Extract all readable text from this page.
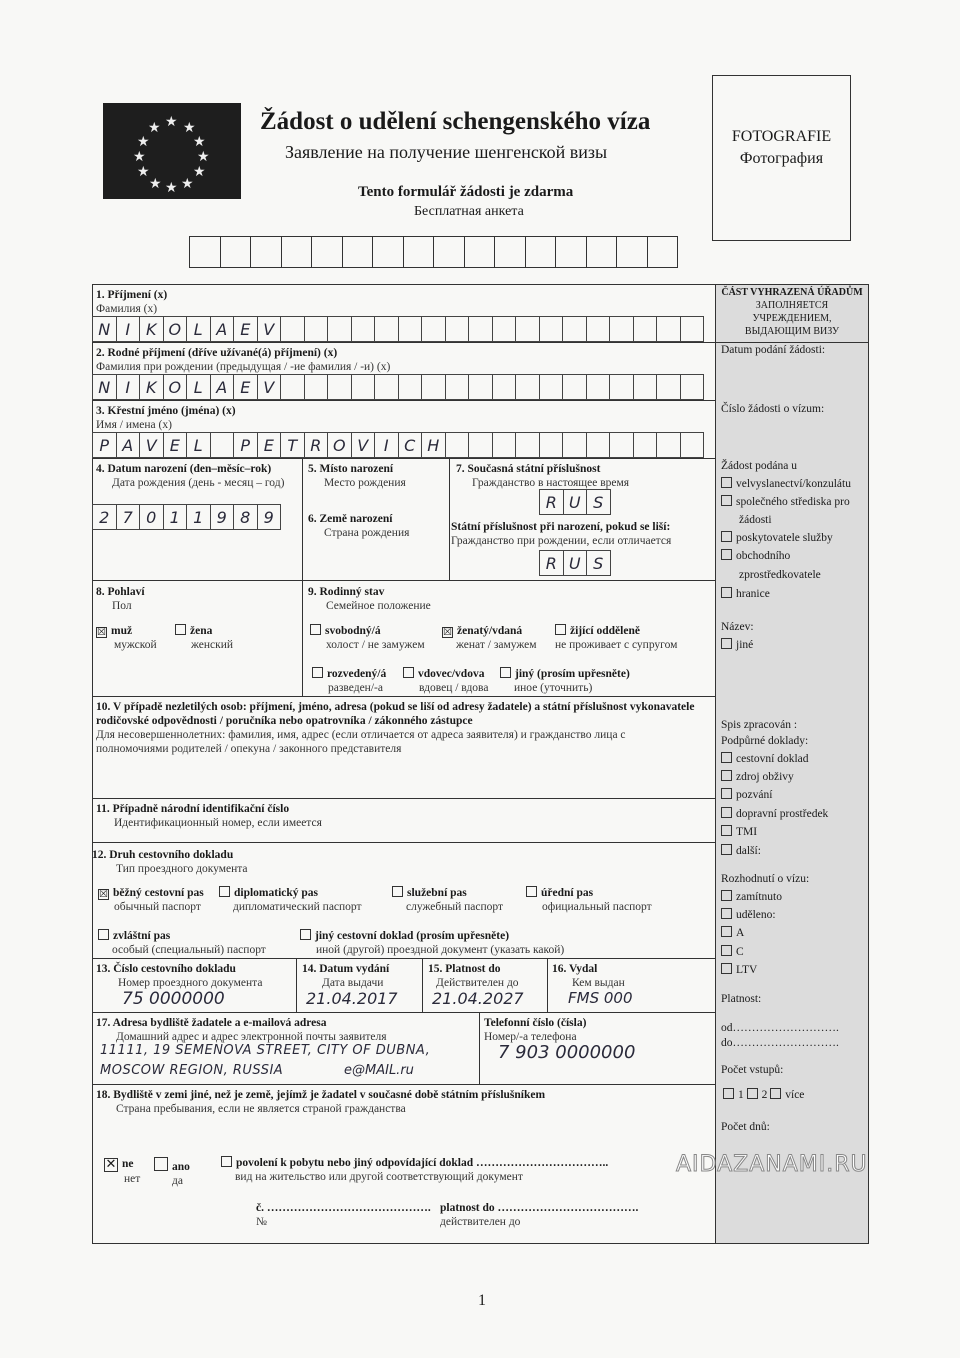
★ ★
★
★
★
★
★
★
★
★
★
★	Žádost o udělení schengenského víza
Заявление на получение шенгенской визы
Tento formulář žádosti je zdarma
Бесплатная анкета
FOTOGRAFIE
Фотография
1. Příjmení (x)
Фамилия (x)
N I K O L A E V
2. Rodné příjmení (dříve užívané(á) příjmení) (x)
Фамилия при рождении (предыдущая / -ие фамилия / -и) (x)
N I K O L A E V
3. Křestní jméno (jména) (x)
Имя / имена (x)
P A V E L	P E T R O V I C H
4. Datum narození (den–měsíc–rok)
Дата рождения (день - месяц – год)
2 7 0 1 1 9 8 9
5. Místo narození
Место рождения
6. Země narození
Страна рождения
7. Současná státní příslušnost
Гражданство в настоящее время
R U S
Státní příslušnost při narození, pokud se liší:
Гражданство при рождении, если отличается
R U S
8. Pohlaví
Пол
☒ muž
мужской
žena
женский
9. Rodinný stav
Семейное положение
svobodný/á
холост / не замужем
☒ ženatý/vdaná
женат / замужем
žijící odděleně
не проживает с супругом
rozvedený/á
разведен/-а
vdovec/vdova
вдовец / вдова
jiný (prosím upřesněte)
иное (уточнить)
10. V případě nezletilých osob: příjmení, jméno, adresa (pokud se liší od adresy žadatele) a státní příslušnost vykonavatele rodičovské odpovědnosti / poručníka nebo opatrovníka / zákonného zástupce
Для несовершеннолетних: фамилия, имя, адрес (если отличается от адреса заявителя) и гражданство лица с полномочиями родителей / опекуна / законного представителя
11. Případně národní identifikační číslo
Идентификационный номер, если имеется
12. Druh cestovního dokladu
Тип проездного документа
☒ běžný cestovní pas
обычный паспорт
diplomatický pas
дипломатический паспорт
služební pas
служебный паспорт
úřední pas
официальный паспорт
zvláštní pas
особый (специальный) паспорт
jiný cestovní doklad (prosím upřesněte)
иной (другой) проездной документ (указать какой)
13. Číslo cestovního dokladu
Номер проездного документа
75 0000000
14. Datum vydání
Дата выдачи
21.04.2017
15. Platnost do
Действителен до
21.04.2027
16. Vydal
Кем выдан
FMS 000
17. Adresa bydliště žadatele a e-mailová adresa
Домашний адрес и адрес электронной почты заявителя
11111, 19 SEMENOVA STREET, CITY OF DUBNA,
MOSCOW REGION, RUSSIA	e@MAIL.ru
Telefonní číslo (čísla)
Номер/-а телефона
7 903 0000000
18. Bydliště v zemi jiné, než je země, jejímž je žadatel v současné době státním příslušníkem
Страна пребывания, если не является страной гражданства
✕ ne
нет
ano
да
povolení k pobytu nebo jiný odpovídající doklad ……………………………..
вид на жительство или другой соответствующий документ
č. …………………………………….
№
platnost do ……………………………….
действителен до
ČÁST VYHRAZENÁ ÚŘADŮM
ЗАПОЛНЯЕТСЯ
УЧРЕЖДЕНИЕМ,
ВЫДАЮЩИМ ВИЗУ
Datum podání žádosti:
Číslo žádosti o vízum:
Žádost podána u
velvyslanectví/konzulátu
společného střediska pro
žádosti
poskytovatele služby
obchodního
zprostředkovatele
hranice
Název:
jiné
Spis zpracován :
Podpůrné doklady:
cestovní doklad
zdroj obživy
pozvání
dopravní prostředek
TMI
další:
Rozhodnutí o vízu:
zamítnuto
uděleno:
A
C
LTV
Platnost:
od……………………….
do……………………….
Počet vstupů:
1 2 více
Počet dnů:
AIDAZANAMI.RU
1
